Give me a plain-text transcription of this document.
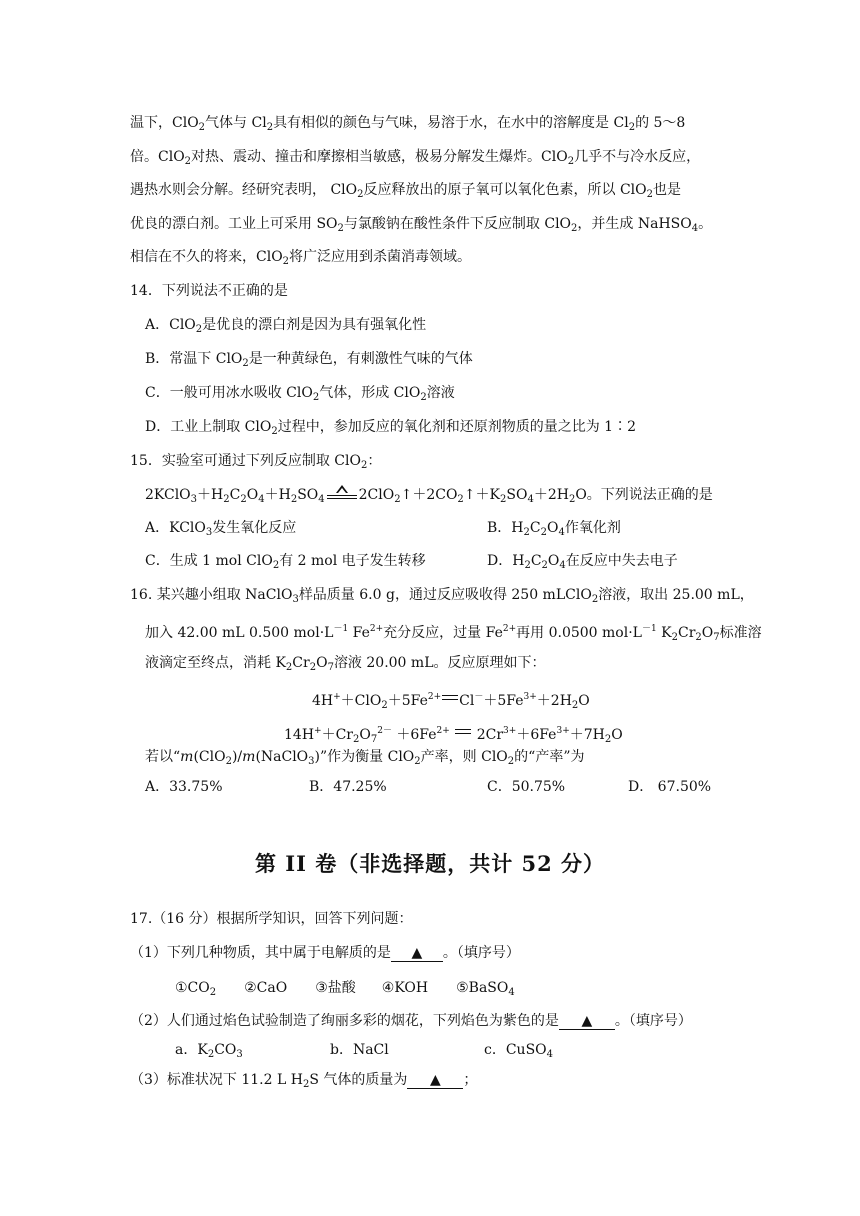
温下，ClO$_2$气体与 $Cl_2$具有相似的颜色与气味，易溶于水，在水中的溶解度是 $Cl_2$的 5～8
倍。ClO$_2$对热、震动、撞击和摩擦相当敏感，极易分解发生爆炸。ClO$_2$几乎不与冷水反应，
遇热水则会分解。经研究表明， ClO$_2$反应释放出的原子氧可以氧化色素，所以 ClO$_2$也是
优良的漂白剂。工业上可采用 $SO_2$与氯酸钠在酸性条件下反应制取 ClO$_2$，并生成 NaHSO$_4$。
相信在不久的将来，ClO$_2$将广泛应用到杀菌消毒领域。
14．下列说法不正确的是
A．ClO$_2$是优良的漂白剂是因为具有强氧化性
B．常温下 ClO$_2$是一种黄绿色，有刺激性气味的气体
C．一般可用冰水吸收 ClO$_2$气体，形成 ClO$_2$溶液
D．工业上制取 ClO$_2$过程中，参加反应的氧化剂和还原剂物质的量之比为 1∶2
15．实验室可通过下列反应制取 ClO$_2$：
$2KClO_3+H_2C_2O_4+H_2SO_4$ $2ClO_2↑+2CO_2↑+K_2SO_4+2H_2O$。下列说法正确的是
A．KClO$_3$发生氧化反应	B．$H_2C_2O_4$作氧化剂
C．生成 1 mol ClO$_2$有 2 mol 电子发生转移	D．$H_2C_2O_4$在反应中失去电子
16. 某兴趣小组取 NaClO$_3$样品质量 6.0 g，通过反应吸收得 250 mLClO$_2$溶液，取出 25.00 mL，
加入 42.00 mL 0.500 $mol\cdot L^{-1}$ $Fe^{2+}$充分反应，过量 $Fe^{2+}$再用 0.0500 $mol\cdot L^{-1}$ $K_2Cr_2O_7$标准溶
液滴定至终点，消耗 $K_2Cr_2O_7$溶液 20.00 mL。反应原理如下：
$4H^++ClO_2+5Fe^{2+}$ $Cl^-+5Fe^{3+}+2H_2O$
$14H^++Cr_2O_7^{2-} +6Fe^{2+}$ $2Cr^{3+}+6Fe^{3+}+7H_2O$
若以“m(ClO$_2$)/m(NaClO$_3$)”作为衡量 ClO$_2$产率，则 ClO$_2$的“产率”为
A．33.75%	B．47.25%	C．50.75%	D． 67.50%
第 II 卷（非选择题，共计 52 分）
17.（16 分）根据所学知识，回答下列问题：
（1）下列几种物质，其中属于电解质的是 ▲ 。（填序号）
$①CO_2$ ②CaO ③盐酸 ④KOH ⑤BaSO$_4$
（2）人们通过焰色试验制造了绚丽多彩的烟花，下列焰色为紫色的是 ▲ 。（填序号）
a．$K_2CO_3$	b．NaCl	c．CuSO$_4$
（3）标准状况下 11.2 L $H_2S$ 气体的质量为 ▲ ；
